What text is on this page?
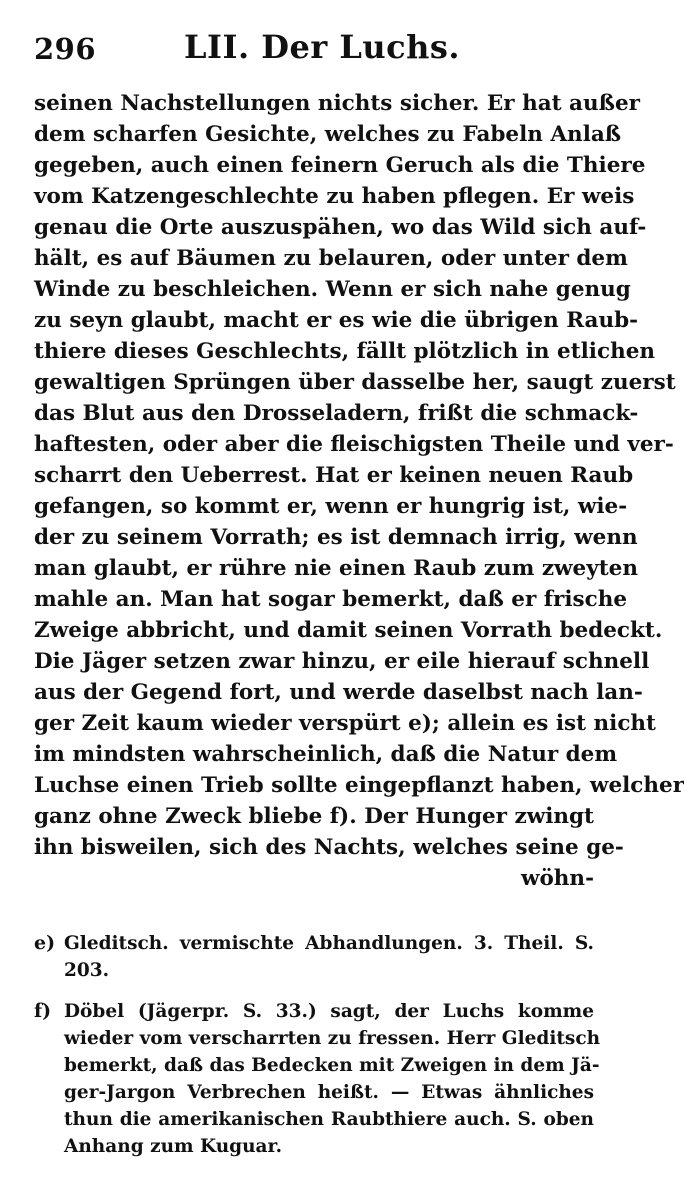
296	LII. Der Luchs.
seinen Nachstellungen nichts sicher. Er hat außer
dem scharfen Gesichte, welches zu Fabeln Anlaß
gegeben, auch einen feinern Geruch als die Thiere
vom Katzengeschlechte zu haben pflegen. Er weis
genau die Orte auszuspähen, wo das Wild sich auf-
hält, es auf Bäumen zu belauren, oder unter dem
Winde zu beschleichen. Wenn er sich nahe genug
zu seyn glaubt, macht er es wie die übrigen Raub-
thiere dieses Geschlechts, fällt plötzlich in etlichen
gewaltigen Sprüngen über dasselbe her, saugt zuerst
das Blut aus den Drosseladern, frißt die schmack-
haftesten, oder aber die fleischigsten Theile und ver-
scharrt den Ueberrest. Hat er keinen neuen Raub
gefangen, so kommt er, wenn er hungrig ist, wie-
der zu seinem Vorrath; es ist demnach irrig, wenn
man glaubt, er rühre nie einen Raub zum zweyten
mahle an. Man hat sogar bemerkt, daß er frische
Zweige abbricht, und damit seinen Vorrath bedeckt.
Die Jäger setzen zwar hinzu, er eile hierauf schnell
aus der Gegend fort, und werde daselbst nach lan-
ger Zeit kaum wieder verspürt e); allein es ist nicht
im mindsten wahrscheinlich, daß die Natur dem
Luchse einen Trieb sollte eingepflanzt haben, welcher
ganz ohne Zweck bliebe f). Der Hunger zwingt
ihn bisweilen, sich des Nachts, welches seine ge-
wöhn-
e) Gleditsch. vermischte Abhandlungen. 3. Theil. S.
203.
f) Döbel (Jägerpr. S. 33.) sagt, der Luchs komme
wieder vom verscharrten zu fressen. Herr Gleditsch
bemerkt, daß das Bedecken mit Zweigen in dem Jä-
ger-Jargon Verbrechen heißt. — Etwas ähnliches
thun die amerikanischen Raubthiere auch. S. oben
Anhang zum Kuguar.
